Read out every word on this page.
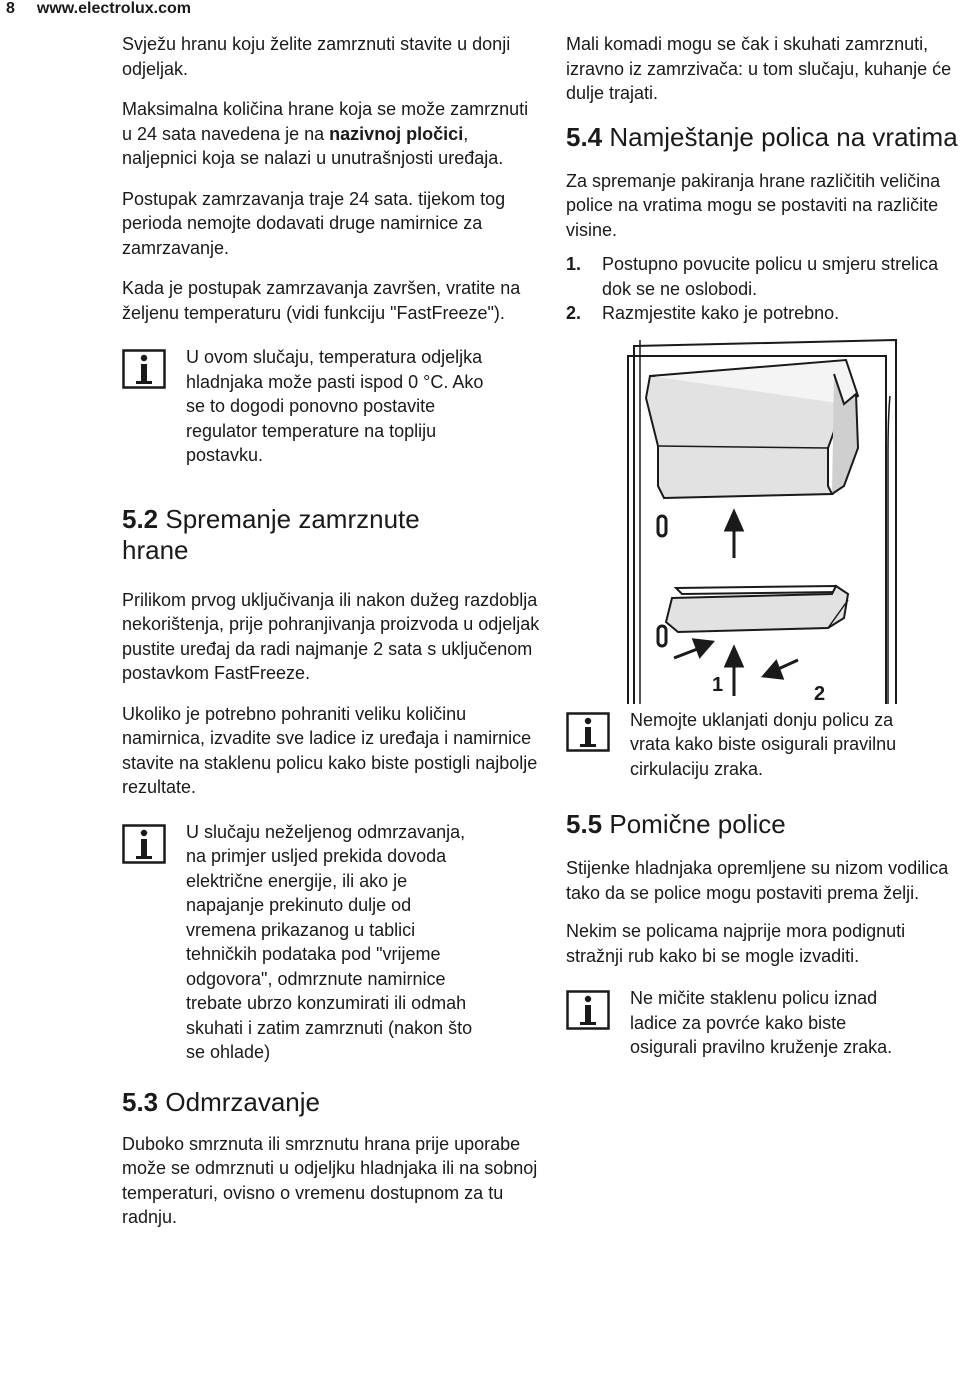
8 www.electrolux.com

Svježu hranu koju želite zamrznuti stavite u donji odjeljak.

Maksimalna količina hrane koja se može zamrznuti u 24 sata navedena je na nazivnoj pločici, naljepnici koja se nalazi u unutrašnjosti uređaja.

Postupak zamrzavanja traje 24 sata. tijekom tog perioda nemojte dodavati druge namirnice za zamrzavanje.

Kada je postupak zamrzavanja završen, vratite na željenu temperaturu (vidi funkciju "FastFreeze").

U ovom slučaju, temperatura odjeljka hladnjaka može pasti ispod 0 °C. Ako se to dogodi ponovno postavite regulator temperature na topliju postavku.

5.2 Spremanje zamrznute hrane

Prilikom prvog uključivanja ili nakon dužeg razdoblja nekorištenja, prije pohranjivanja proizvoda u odjeljak pustite uređaj da radi najmanje 2 sata s uključenom postavkom FastFreeze.

Ukoliko je potrebno pohraniti veliku količinu namirnica, izvadite sve ladice iz uređaja i namirnice stavite na staklenu policu kako biste postigli najbolje rezultate.

U slučaju neželjenog odmrzavanja, na primjer usljed prekida dovoda električne energije, ili ako je napajanje prekinuto dulje od vremena prikazanog u tablici tehničkih podataka pod "vrijeme odgovora", odmrznute namirnice trebate ubrzo konzumirati ili odmah skuhati i zatim zamrznuti (nakon što se ohlade)

5.3 Odmrzavanje

Duboko smrznuta ili smrznutu hrana prije uporabe može se odmrznuti u odjeljku hladnjaka ili na sobnoj temperaturi, ovisno o vremenu dostupnom za tu radnju.

Mali komadi mogu se čak i skuhati zamrznuti, izravno iz zamrzivača: u tom slučaju, kuhanje će dulje trajati.

5.4 Namještanje polica na vratima

Za spremanje pakiranja hrane različitih veličina police na vratima mogu se postaviti na različite visine.

1. Postupno povucite policu u smjeru strelica dok se ne oslobodi.
2. Razmjestite kako je potrebno.
1	2

Nemojte uklanjati donju policu za vrata kako biste osigurali pravilnu cirkulaciju zraka.

5.5 Pomične police

Stijenke hladnjaka opremljene su nizom vodilica tako da se police mogu postaviti prema želji.

Nekim se policama najprije mora podignuti stražnji rub kako bi se mogle izvaditi.

Ne mičite staklenu policu iznad ladice za povrće kako biste osigurali pravilno kruženje zraka.
